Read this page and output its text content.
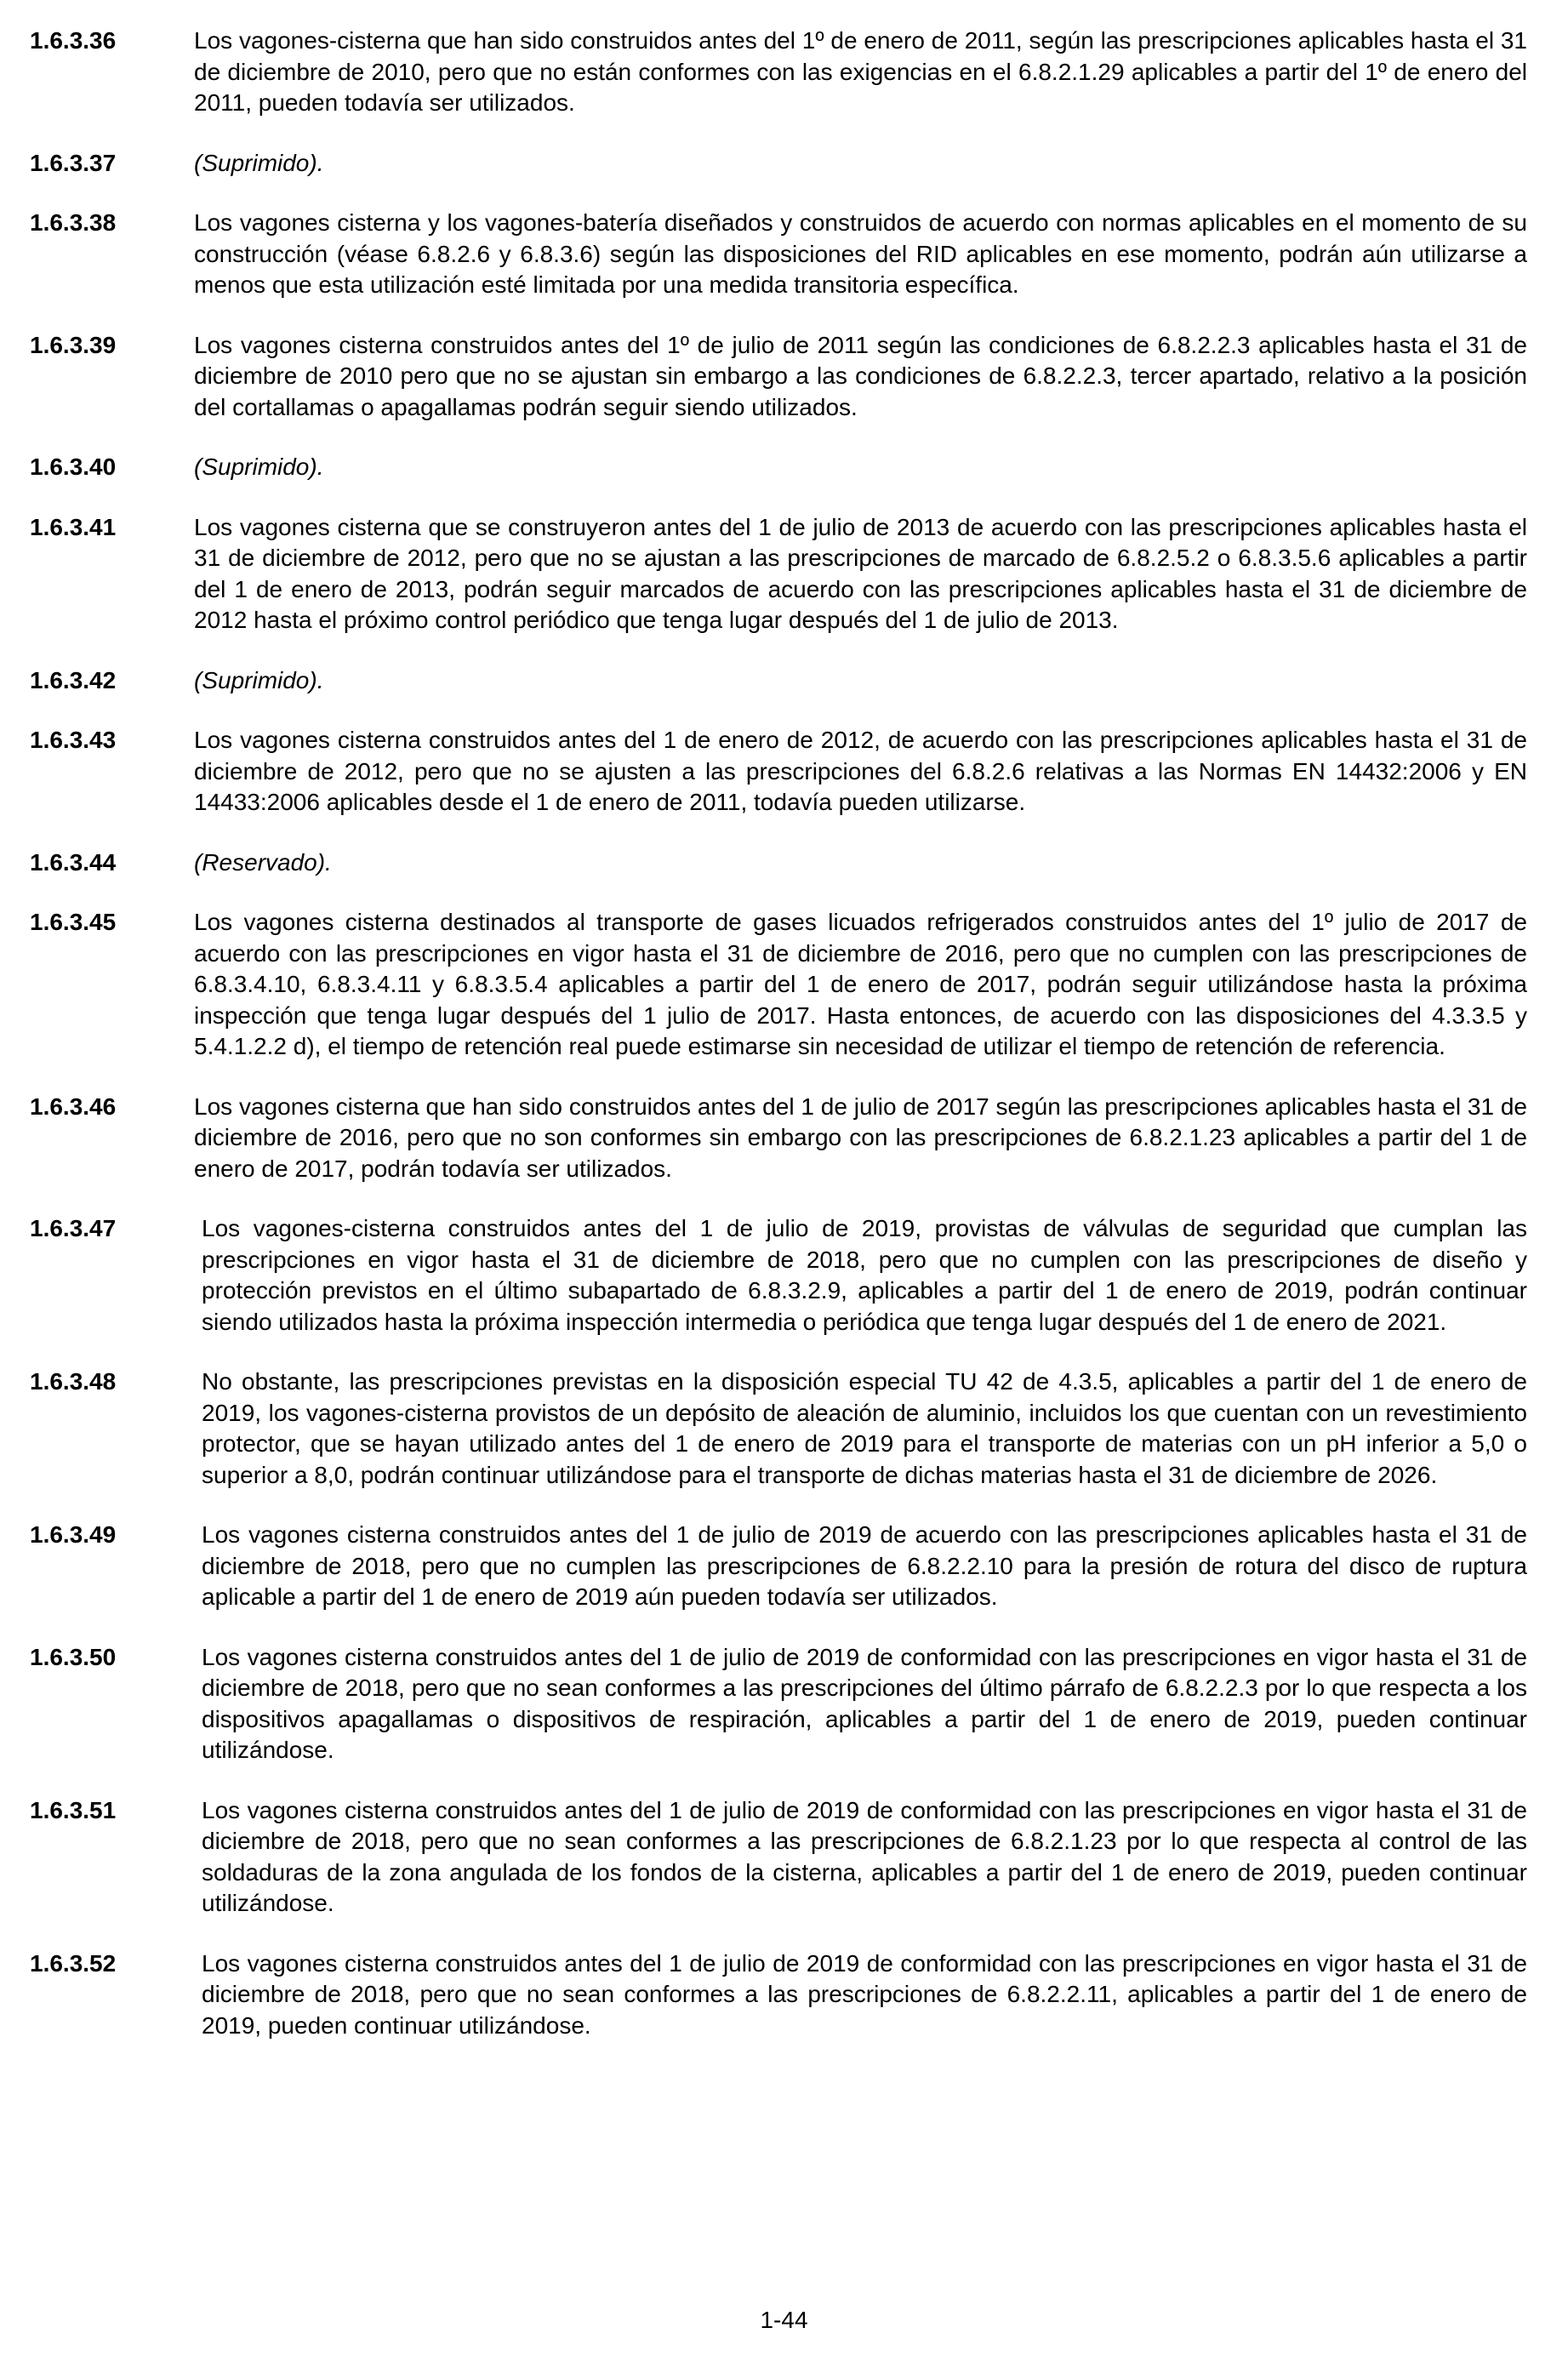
1.6.3.36	Los vagones-cisterna que han sido construidos antes del 1º de enero de 2011, según las prescripciones aplicables hasta el 31 de diciembre de 2010, pero que no están conformes con las exigencias en el 6.8.2.1.29 aplicables a partir del 1º de enero del 2011, pueden todavía ser utilizados.
1.6.3.37	(Suprimido).
1.6.3.38	Los vagones cisterna y los vagones-batería diseñados y construidos de acuerdo con normas aplicables en el momento de su construcción (véase 6.8.2.6 y 6.8.3.6) según las disposiciones del RID aplicables en ese momento, podrán aún utilizarse a menos que esta utilización esté limitada por una medida transitoria específica.
1.6.3.39	Los vagones cisterna construidos antes del 1º de julio de 2011 según las condiciones de 6.8.2.2.3 aplicables hasta el 31 de diciembre de 2010 pero que no se ajustan sin embargo a las condiciones de 6.8.2.2.3, tercer apartado, relativo a la posición del cortallamas o apagallamas podrán seguir siendo utilizados.
1.6.3.40	(Suprimido).
1.6.3.41	Los vagones cisterna que se construyeron antes del 1 de julio de 2013 de acuerdo con las prescripciones aplicables hasta el 31 de diciembre de 2012, pero que no se ajustan a las prescripciones de marcado de 6.8.2.5.2 o 6.8.3.5.6 aplicables a partir del 1 de enero de 2013, podrán seguir marcados de acuerdo con las prescripciones aplicables hasta el 31 de diciembre de 2012 hasta el próximo control periódico que tenga lugar después del 1 de julio de 2013.
1.6.3.42	(Suprimido).
1.6.3.43	Los vagones cisterna construidos antes del 1 de enero de 2012, de acuerdo con las prescripciones aplicables hasta el 31 de diciembre de 2012, pero que no se ajusten a las prescripciones del 6.8.2.6 relativas a las Normas EN 14432:2006 y EN 14433:2006 aplicables desde el 1 de enero de 2011, todavía pueden utilizarse.
1.6.3.44	(Reservado).
1.6.3.45	Los vagones cisterna destinados al transporte de gases licuados refrigerados construidos antes del 1º julio de 2017 de acuerdo con las prescripciones en vigor hasta el 31 de diciembre de 2016, pero que no cumplen con las prescripciones de 6.8.3.4.10, 6.8.3.4.11 y 6.8.3.5.4 aplicables a partir del 1 de enero de 2017, podrán seguir utilizándose hasta la próxima inspección que tenga lugar después del 1 julio de 2017. Hasta entonces, de acuerdo con las disposiciones del 4.3.3.5 y 5.4.1.2.2 d), el tiempo de retención real puede estimarse sin necesidad de utilizar el tiempo de retención de referencia.
1.6.3.46	Los vagones cisterna que han sido construidos antes del 1 de julio de 2017 según las prescripciones aplicables hasta el 31 de diciembre de 2016, pero que no son conformes sin embargo con las prescripciones de 6.8.2.1.23 aplicables a partir del 1 de enero de 2017, podrán todavía ser utilizados.
1.6.3.47	Los vagones-cisterna construidos antes del 1 de julio de 2019, provistas de válvulas de seguridad que cumplan las prescripciones en vigor hasta el 31 de diciembre de 2018, pero que no cumplen con las prescripciones de diseño y protección previstos en el último subapartado de 6.8.3.2.9, aplicables a partir del 1 de enero de 2019, podrán continuar siendo utilizados hasta la próxima inspección intermedia o periódica que tenga lugar después del 1 de enero de 2021.
1.6.3.48	No obstante, las prescripciones previstas en la disposición especial TU 42 de 4.3.5, aplicables a partir del 1 de enero de 2019, los vagones-cisterna provistos de un depósito de aleación de aluminio, incluidos los que cuentan con un revestimiento protector, que se hayan utilizado antes del 1 de enero de 2019 para el transporte de materias con un pH inferior a 5,0 o superior a 8,0, podrán continuar utilizándose para el transporte de dichas materias hasta el 31 de diciembre de 2026.
1.6.3.49	Los vagones cisterna construidos antes del 1 de julio de 2019 de acuerdo con las prescripciones aplicables hasta el 31 de diciembre de 2018, pero que no cumplen las prescripciones de 6.8.2.2.10 para la presión de rotura del disco de ruptura aplicable a partir del 1 de enero de 2019 aún pueden todavía ser utilizados.
1.6.3.50	Los vagones cisterna construidos antes del 1 de julio de 2019 de conformidad con las prescripciones en vigor hasta el 31 de diciembre de 2018, pero que no sean conformes a las prescripciones del último párrafo de 6.8.2.2.3 por lo que respecta a los dispositivos apagallamas o dispositivos de respiración, aplicables a partir del 1 de enero de 2019, pueden continuar utilizándose.
1.6.3.51	Los vagones cisterna construidos antes del 1 de julio de 2019 de conformidad con las prescripciones en vigor hasta el 31 de diciembre de 2018, pero que no sean conformes a las prescripciones de 6.8.2.1.23 por lo que respecta al control de las soldaduras de la zona angulada de los fondos de la cisterna, aplicables a partir del 1 de enero de 2019, pueden continuar utilizándose.
1.6.3.52	Los vagones cisterna construidos antes del 1 de julio de 2019 de conformidad con las prescripciones en vigor hasta el 31 de diciembre de 2018, pero que no sean conformes a las prescripciones de 6.8.2.2.11, aplicables a partir del 1 de enero de 2019, pueden continuar utilizándose.
1-44
